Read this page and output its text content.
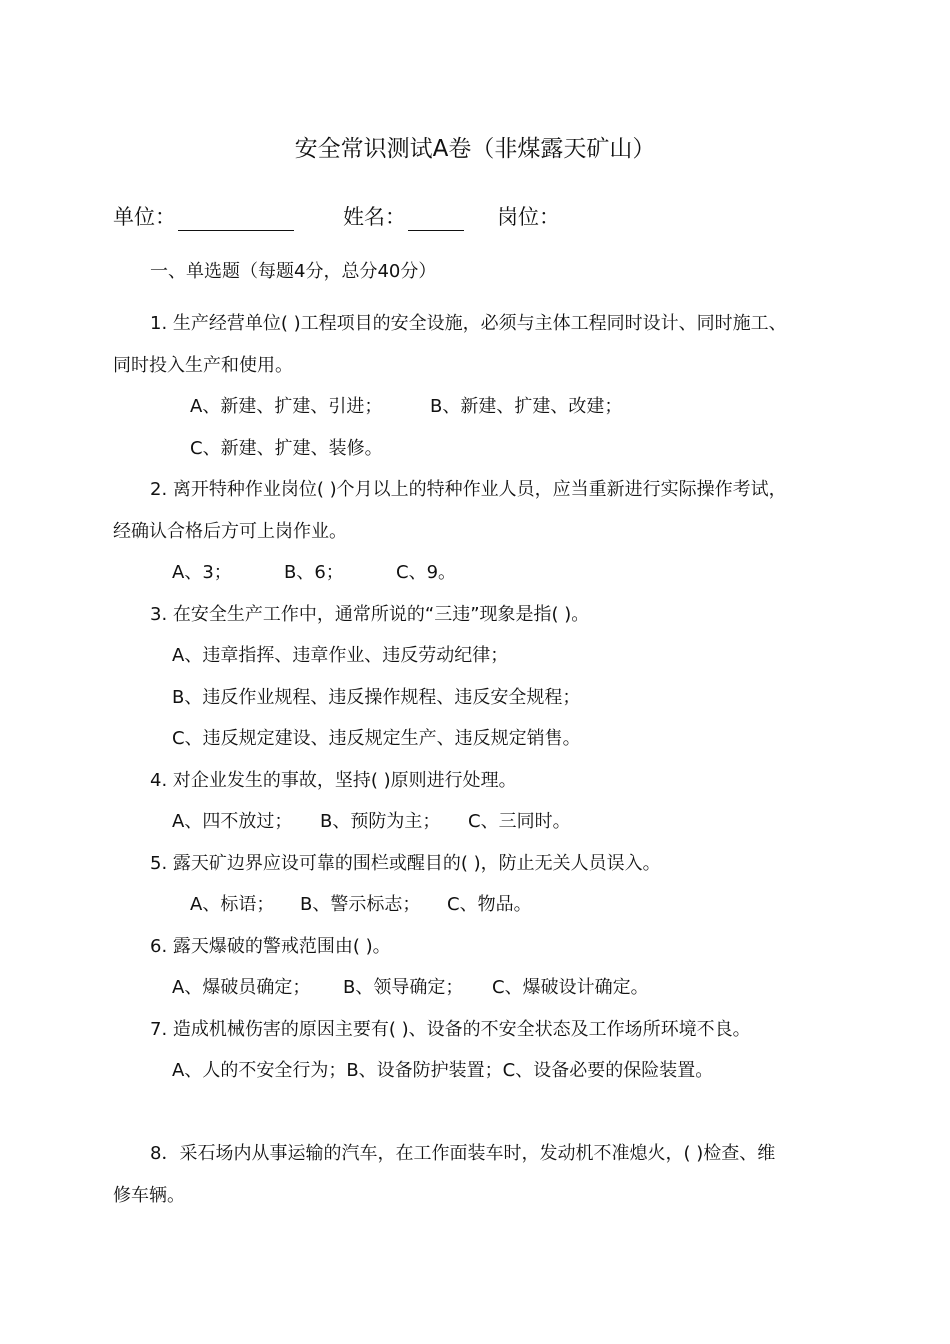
安全常识测试A卷（非煤露天矿山）
单位：	姓名：	岗位：
一、单选题（每题4分，总分40分）
1. 生产经营单位( )工程项目的安全设施，必须与主体工程同时设计、同时施工、
同时投入生产和使用。
A、新建、扩建、引进；	B、新建、扩建、改建；
C、新建、扩建、装修。
2. 离开特种作业岗位( )个月以上的特种作业人员，应当重新进行实际操作考试，
经确认合格后方可上岗作业。
A、3；	B、6；	C、9。
3. 在安全生产工作中，通常所说的“三违”现象是指( )。
A、违章指挥、违章作业、违反劳动纪律；
B、违反作业规程、违反操作规程、违反安全规程；
C、违反规定建设、违反规定生产、违反规定销售。
4. 对企业发生的事故，坚持( )原则进行处理。
A、四不放过； B、预防为主； C、三同时。
5. 露天矿边界应设可靠的围栏或醒目的( )，防止无关人员误入。
A、标语； B、警示标志； C、物品。
6. 露天爆破的警戒范围由( )。
A、爆破员确定； B、领导确定； C、爆破设计确定。
7. 造成机械伤害的原因主要有( )、设备的不安全状态及工作场所环境不良。
A、人的不安全行为；B、设备防护装置；C、设备必要的保险装置。
8．采石场内从事运输的汽车，在工作面装车时，发动机不准熄火，( )检查、维
修车辆。
